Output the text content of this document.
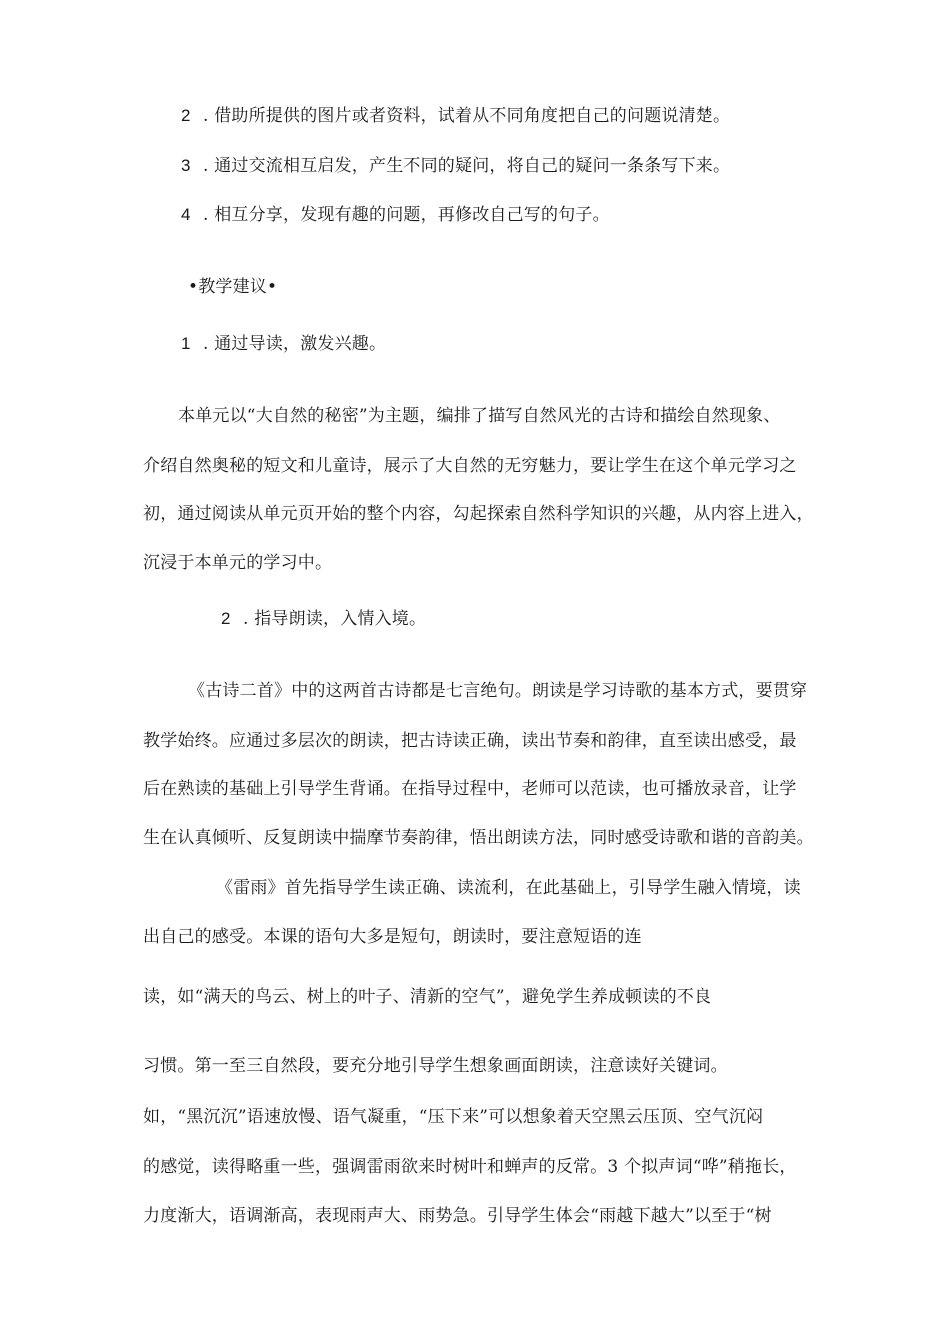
2 . 借助所提供的图片或者资料，试着从不同角度把自己的问题说清楚。
3 . 通过交流相互启发，产生不同的疑问，将自己的疑问一条条写下来。
4 . 相互分享，发现有趣的问题，再修改自己写的句子。
•教学建议•
1 . 通过导读，激发兴趣。
本单元以“大自然的秘密”为主题，编排了描写自然风光的古诗和描绘自然现象、
介绍自然奥秘的短文和儿童诗，展示了大自然的无穷魅力，要让学生在这个单元学习之
初，通过阅读从单元页开始的整个内容，勾起探索自然科学知识的兴趣，从内容上进入，
沉浸于本单元的学习中。
2 . 指导朗读，入情入境。
《古诗二首》中的这两首古诗都是七言绝句。朗读是学习诗歌的基本方式，要贯穿
教学始终。应通过多层次的朗读，把古诗读正确，读出节奏和韵律，直至读出感受，最
后在熟读的基础上引导学生背诵。在指导过程中，老师可以范读，也可播放录音，让学
生在认真倾听、反复朗读中揣摩节奏韵律，悟出朗读方法，同时感受诗歌和谐的音韵美。
《雷雨》首先指导学生读正确、读流利，在此基础上，引导学生融入情境，读
出自己的感受。本课的语句大多是短句，朗读时，要注意短语的连
读，如“满天的鸟云、树上的叶子、清新的空气”，避免学生养成顿读的不良
习惯。第一至三自然段，要充分地引导学生想象画面朗读，注意读好关键词。
如，“黑沉沉”语速放慢、语气凝重，“压下来”可以想象着天空黑云压顶、空气沉闷
的感觉，读得略重一些，强调雷雨欲来时树叶和蝉声的反常。3 个拟声词“哗”稍拖长，
力度渐大，语调渐高，表现雨声大、雨势急。引导学生体会“雨越下越大”以至于“树
